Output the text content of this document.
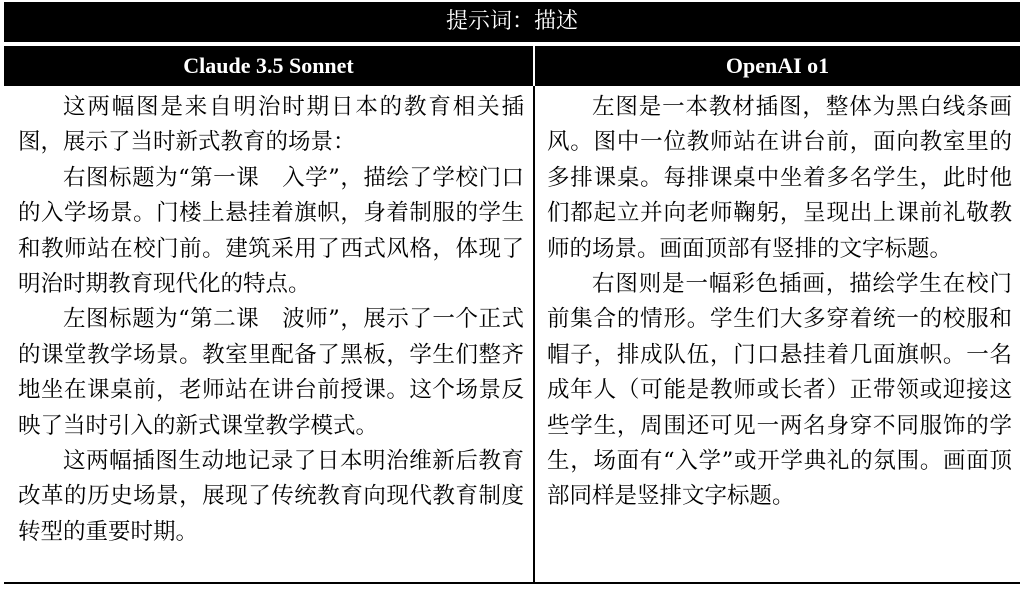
提示词：描述
Claude 3.5 Sonnet	OpenAI o1

这两幅图是来自明治时期日本的教育相关插图，展示了当时新式教育的场景：

右图标题为“第一课　入学”，描绘了学校门口的入学场景。门楼上悬挂着旗帜，身着制服的学生和教师站在校门前。建筑采用了西式风格，体现了明治时期教育现代化的特点。

左图标题为“第二课　波师”，展示了一个正式的课堂教学场景。教室里配备了黑板，学生们整齐地坐在课桌前，老师站在讲台前授课。这个场景反映了当时引入的新式课堂教学模式。

这两幅插图生动地记录了日本明治维新后教育改革的历史场景，展现了传统教育向现代教育制度转型的重要时期。

左图是一本教材插图，整体为黑白线条画风。图中一位教师站在讲台前，面向教室里的多排课桌。每排课桌中坐着多名学生，此时他们都起立并向老师鞠躬，呈现出上课前礼敬教师的场景。画面顶部有竖排的文字标题。

右图则是一幅彩色插画，描绘学生在校门前集合的情形。学生们大多穿着统一的校服和帽子，排成队伍，门口悬挂着几面旗帜。一名成年人（可能是教师或长者）正带领或迎接这些学生，周围还可见一两名身穿不同服饰的学生，场面有“入学”或开学典礼的氛围。画面顶部同样是竖排文字标题。
